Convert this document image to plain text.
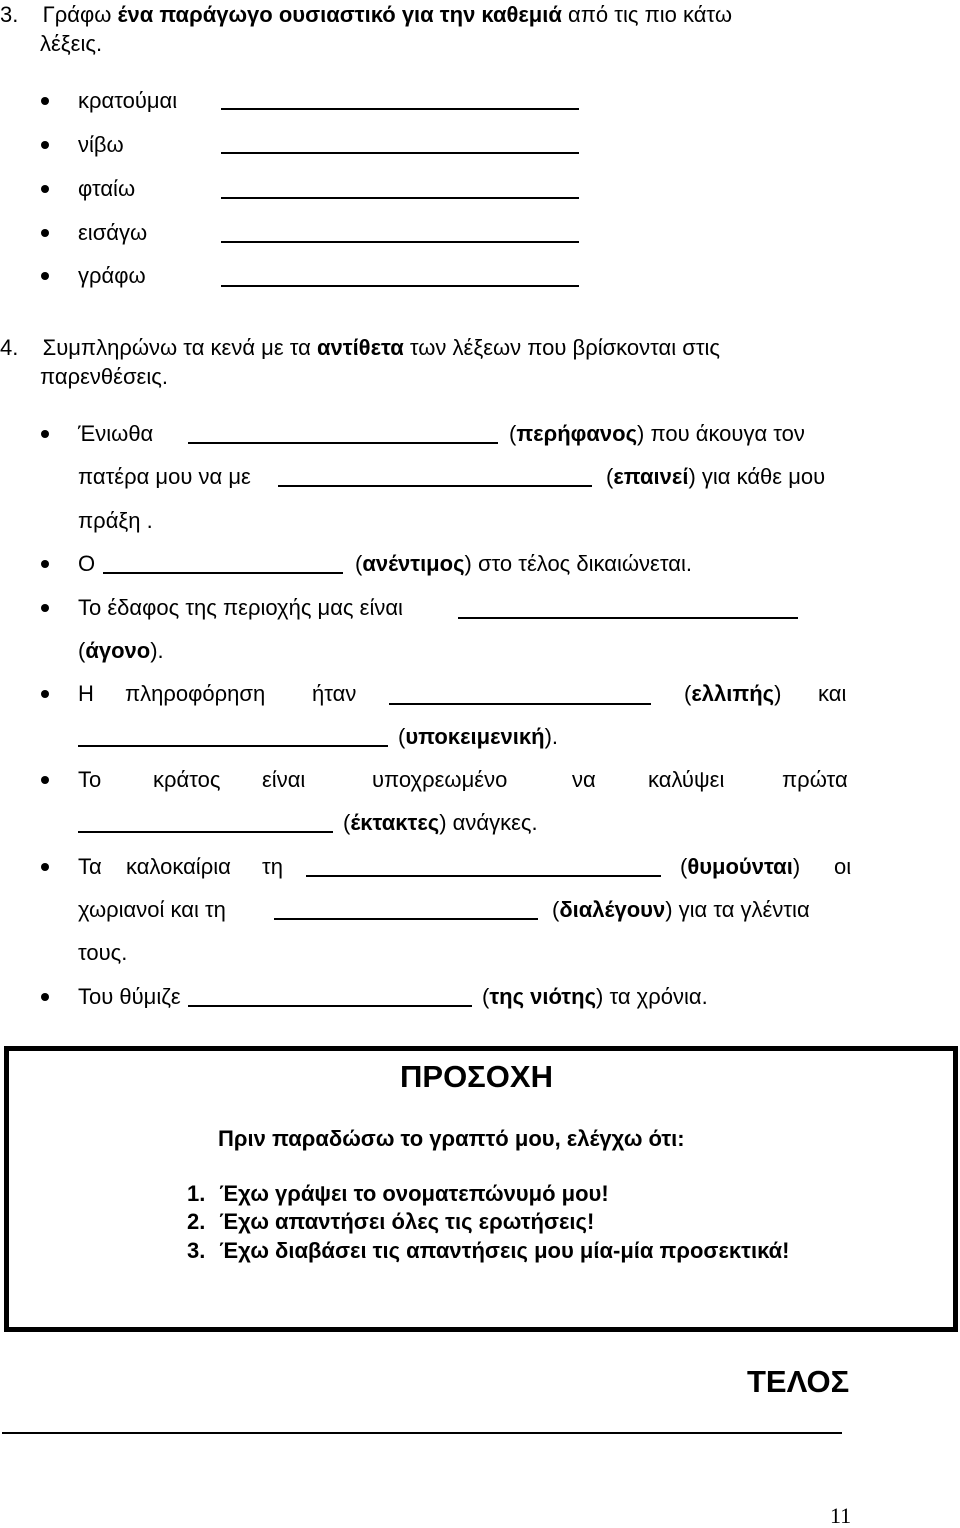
3. Γράφω ένα παράγωγο ουσιαστικό για την καθεμιά από τις πιο κάτω
λέξεις.
κρατούμαι
νίβω
φταίω
εισάγω
γράφω
4. Συμπληρώνω τα κενά με τα αντίθετα των λέξεων που βρίσκονται στις
παρενθέσεις.
Ένιωθα	(περήφανος) που άκουγα τον
πατέρα μου να με	(επαινεί) για κάθε μου
πράξη .
Ο	(ανέντιμος) στο τέλος δικαιώνεται.
Το έδαφος της περιοχής μας είναι
(άγονο).
Η πληροφόρηση ήταν	(ελλιπής) και
(υποκειμενική).
Το κράτος είναι	υποχρεωμένο	να καλύψει	πρώτα
(έκτακτες) ανάγκες.
Τα καλοκαίρια τη	(θυμούνται) οι
χωριανοί και τη	(διαλέγουν) για τα γλέντια
τους.
Του θύμιζε	(της νιότης) τα χρόνια.
ΠΡΟΣΟΧΗ
Πριν παραδώσω το γραπτό μου, ελέγχω ότι:
1. Έχω γράψει το ονοματεπώνυμό μου!
2. Έχω απαντήσει όλες τις ερωτήσεις!
3. Έχω διαβάσει τις απαντήσεις μου μία-μία προσεκτικά!
ΤΕΛΟΣ
11
